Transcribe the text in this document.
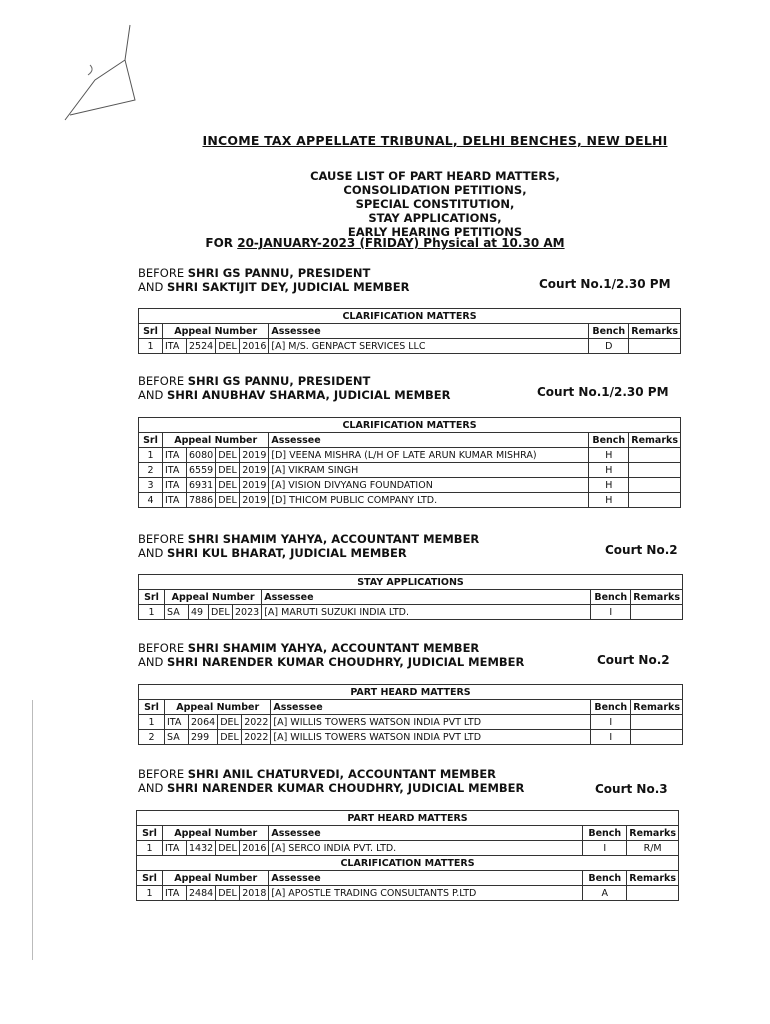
INCOME TAX APPELLATE TRIBUNAL, DELHI BENCHES, NEW DELHI
CAUSE LIST OF PART HEARD MATTERS,
CONSOLIDATION PETITIONS,
SPECIAL CONSTITUTION,
STAY APPLICATIONS,
EARLY HEARING PETITIONS
FOR 20-JANUARY-2023 (FRIDAY) Physical at 10.30 AM
BEFORE SHRI GS PANNU, PRESIDENT
AND SHRI SAKTIJIT DEY, JUDICIAL MEMBER	Court No.1/2.30 PM
CLARIFICATION MATTERS							
Srl	Appeal Number				Assessee	Bench	Remarks
1	ITA	2524	DEL	2016	[A] M/S. GENPACT SERVICES LLC	D	
BEFORE SHRI GS PANNU, PRESIDENT
AND SHRI ANUBHAV SHARMA, JUDICIAL MEMBER	Court No.1/2.30 PM
CLARIFICATION MATTERS							
Srl	Appeal Number				Assessee	Bench	Remarks
1	ITA	6080	DEL	2019	[D] VEENA MISHRA (L/H OF LATE ARUN KUMAR MISHRA)	H	
2	ITA	6559	DEL	2019	[A] VIKRAM SINGH	H	
3	ITA	6931	DEL	2019	[A] VISION DIVYANG FOUNDATION	H	
4	ITA	7886	DEL	2019	[D] THICOM PUBLIC COMPANY LTD.	H	
BEFORE SHRI SHAMIM YAHYA, ACCOUNTANT MEMBER
AND SHRI KUL BHARAT, JUDICIAL MEMBER	Court No.2
STAY APPLICATIONS							
Srl	Appeal Number				Assessee	Bench	Remarks
1	SA	49	DEL	2023	[A] MARUTI SUZUKI INDIA LTD.	I	
BEFORE SHRI SHAMIM YAHYA, ACCOUNTANT MEMBER
AND SHRI NARENDER KUMAR CHOUDHRY, JUDICIAL MEMBER	Court No.2
PART HEARD MATTERS							
Srl	Appeal Number				Assessee	Bench	Remarks
1	ITA	2064	DEL	2022	[A] WILLIS TOWERS WATSON INDIA PVT LTD	I	
2	SA	299	DEL	2022	[A] WILLIS TOWERS WATSON INDIA PVT LTD	I	
BEFORE SHRI ANIL CHATURVEDI, ACCOUNTANT MEMBER
AND SHRI NARENDER KUMAR CHOUDHRY, JUDICIAL MEMBER	Court No.3
PART HEARD MATTERS							
Srl	Appeal Number				Assessee	Bench	Remarks
1	ITA	1432	DEL	2016	[A] SERCO INDIA PVT. LTD.	I	R/M
CLARIFICATION MATTERS							
Srl	Appeal Number				Assessee	Bench	Remarks
1	ITA	2484	DEL	2018	[A] APOSTLE TRADING CONSULTANTS P.LTD	A	
